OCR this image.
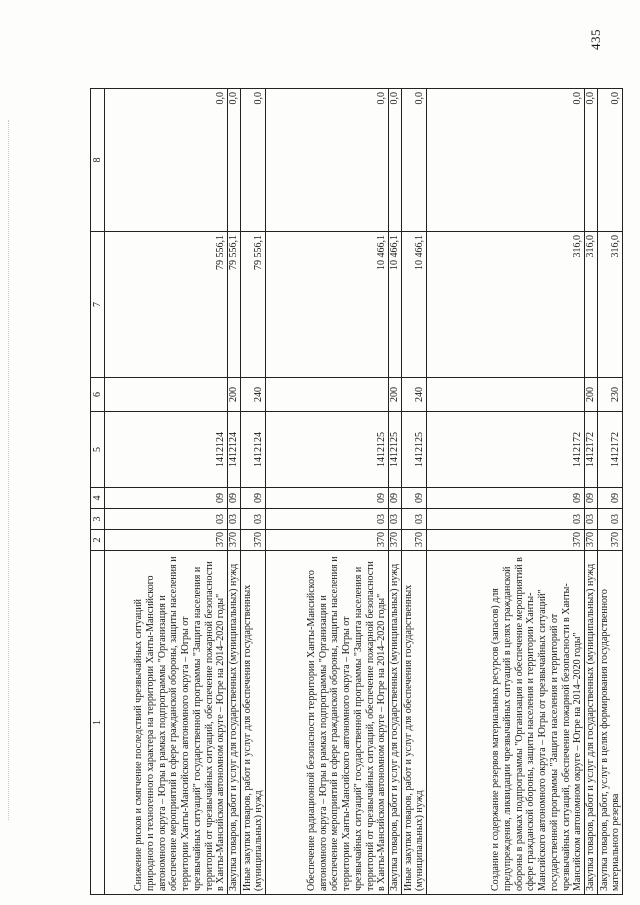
435
1	2	3	4	5	6	7	8
Снижение рисков и смягчение последствий чрезвычайных ситуаций природного и техногенного характера на территории Ханты-Мансийского автономного округа – Югры в рамках подпрограммы "Организация и обеспечение мероприятий в сфере гражданской обороны, защиты населения и территории Ханты-Мансийского автономного округа – Югры от чрезвычайных ситуаций" государственной программы "Защита населения и территорий от чрезвычайных ситуаций, обеспечение пожарной безопасности в Ханты-Мансийском автономном округе – Югре на 2014–2020 годы"	370	03	09	1412124		79 556,1	0,0
Закупка товаров, работ и услуг для государственных (муниципальных) нужд	370	03	09	1412124	200	79 556,1	0,0
Иные закупки товаров, работ и услуг для обеспечения государственных (муниципальных) нужд	370	03	09	1412124	240	79 556,1	0,0
Обеспечение радиационной безопасности территории Ханты-Мансийского автономного округа – Югры в рамках подпрограммы "Организация и обеспечение мероприятий в сфере гражданской обороны, защиты населения и территории Ханты-Мансийского автономного округа – Югры от чрезвычайных ситуаций" государственной программы "Защита населения и территорий от чрезвычайных ситуаций, обеспечение пожарной безопасности в Ханты-Мансийском автономном округе – Югре на 2014–2020 годы"	370	03	09	1412125		10 466,1	0,0
Закупка товаров, работ и услуг для государственных (муниципальных) нужд	370	03	09	1412125	200	10 466,1	0,0
Иные закупки товаров, работ и услуг для обеспечения государственных (муниципальных) нужд	370	03	09	1412125	240	10 466,1	0,0
Создание и содержание резервов материальных ресурсов (запасов) для предупреждения, ликвидации чрезвычайных ситуаций в целях гражданской обороны в рамках подпрограммы "Организация и обеспечение мероприятий в сфере гражданской обороны, защиты населения и территории Ханты-Мансийского автономного округа – Югры от чрезвычайных ситуаций" государственной программы "Защита населения и территорий от чрезвычайных ситуаций, обеспечение пожарной безопасности в Ханты-Мансийском автономном округе – Югре на 2014–2020 годы"	370	03	09	1412172		316,0	0,0
Закупка товаров, работ и услуг для государственных (муниципальных) нужд	370	03	09	1412172	200	316,0	0,0
Закупка товаров, работ, услуг в целях формирования государственного материального резерва	370	03	09	1412172	230	316,0	0,0
